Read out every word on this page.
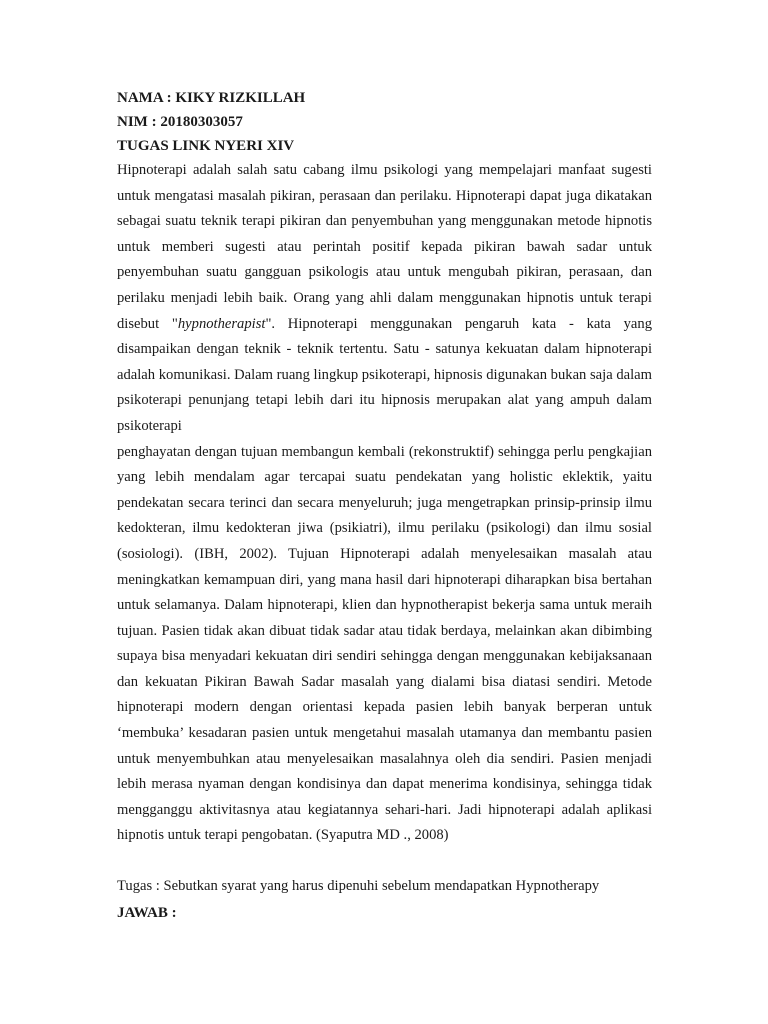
NAMA : KIKY RIZKILLAH

NIM : 20180303057

TUGAS LINK NYERI XIV

Hipnoterapi adalah salah satu cabang ilmu psikologi yang mempelajari manfaat sugesti untuk mengatasi masalah pikiran, perasaan dan perilaku. Hipnoterapi dapat juga dikatakan sebagai suatu teknik terapi pikiran dan penyembuhan yang menggunakan metode hipnotis untuk memberi sugesti atau perintah positif kepada pikiran bawah sadar untuk penyembuhan suatu gangguan psikologis atau untuk mengubah pikiran, perasaan, dan perilaku menjadi lebih baik. Orang yang ahli dalam menggunakan hipnotis untuk terapi disebut "hypnotherapist". Hipnoterapi menggunakan pengaruh kata - kata yang disampaikan dengan teknik - teknik tertentu. Satu - satunya kekuatan dalam hipnoterapi adalah komunikasi. Dalam ruang lingkup psikoterapi, hipnosis digunakan bukan saja dalam psikoterapi penunjang tetapi lebih dari itu hipnosis merupakan alat yang ampuh dalam psikoterapi

penghayatan dengan tujuan membangun kembali (rekonstruktif) sehingga perlu pengkajian yang lebih mendalam agar tercapai suatu pendekatan yang holistic eklektik, yaitu pendekatan secara terinci dan secara menyeluruh; juga mengetrapkan prinsip-prinsip ilmu kedokteran, ilmu kedokteran jiwa (psikiatri), ilmu perilaku (psikologi) dan ilmu sosial (sosiologi). (IBH, 2002). Tujuan Hipnoterapi adalah menyelesaikan masalah atau meningkatkan kemampuan diri, yang mana hasil dari hipnoterapi diharapkan bisa bertahan untuk selamanya. Dalam hipnoterapi, klien dan hypnotherapist bekerja sama untuk meraih tujuan. Pasien tidak akan dibuat tidak sadar atau tidak berdaya, melainkan akan dibimbing supaya bisa menyadari kekuatan diri sendiri sehingga dengan menggunakan kebijaksanaan dan kekuatan Pikiran Bawah Sadar masalah yang dialami bisa diatasi sendiri. Metode hipnoterapi modern dengan orientasi kepada pasien lebih banyak berperan untuk ‘membuka’ kesadaran pasien untuk mengetahui masalah utamanya dan membantu pasien untuk menyembuhkan atau menyelesaikan masalahnya oleh dia sendiri. Pasien menjadi lebih merasa nyaman dengan kondisinya dan dapat menerima kondisinya, sehingga tidak mengganggu aktivitasnya atau kegiatannya sehari-hari. Jadi hipnoterapi adalah aplikasi hipnotis untuk terapi pengobatan. (Syaputra MD ., 2008)

Tugas : Sebutkan syarat yang harus dipenuhi sebelum mendapatkan Hypnotherapy

JAWAB :
